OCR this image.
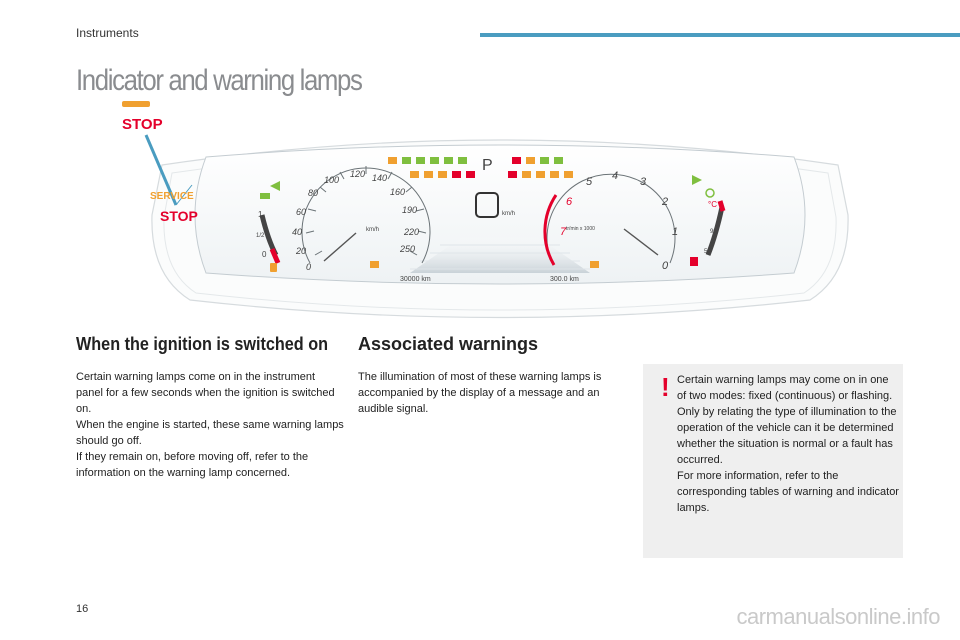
Instruments
Indicator and warning lamps
STOP
SERVICE
STOP	1
1/2
0
0
20
40
60
80
100
120 140
160
190
220
250
km/h
P
km/h
0
1
2
3
4
5
6
7 tr/min x 1000
°C
90
50
30000 km	300.0 km
When the ignition is switched on

Certain warning lamps come on in the instrument panel for a few seconds when the ignition is switched on.
When the engine is started, these same warning lamps should go off.
If they remain on, before moving off, refer to the information on the warning lamp concerned.

Associated warnings

The illumination of most of these warning lamps is accompanied by the display of a message and an audible signal.

! Certain warning lamps may come on in one of two modes: fixed (continuous) or flashing.
Only by relating the type of illumination to the operation of the vehicle can it be determined whether the situation is normal or a fault has occurred.
For more information, refer to the corresponding tables of warning and indicator lamps.

16	carmanualsonline.info
